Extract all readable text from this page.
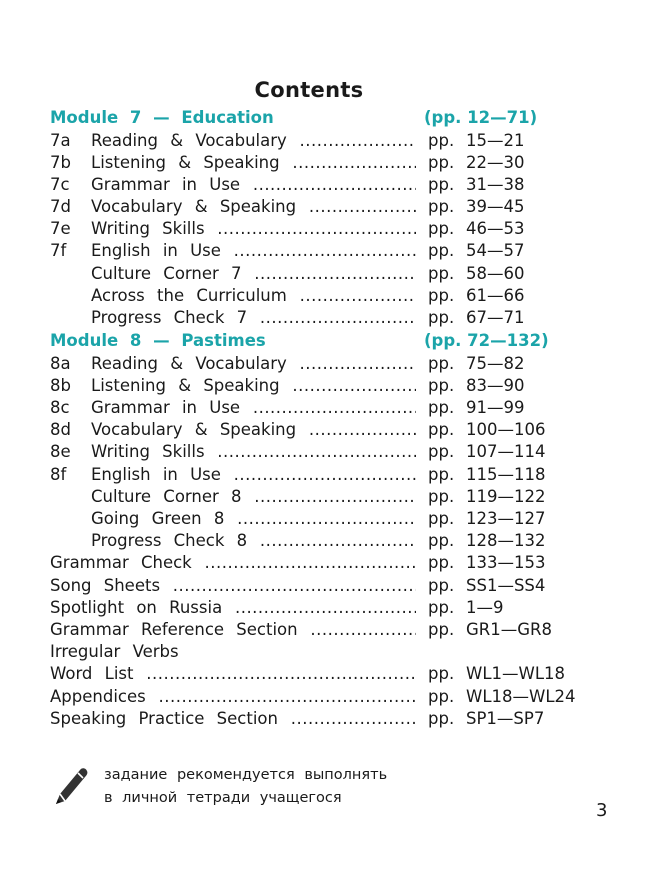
Contents
Module 7 — Education	(pp. 12—71)
7a Reading & Vocabulary .....	pp. 15—21
7b Listening & Speaking .....	pp. 22—30
7c Grammar in Use .....	pp. 31—38
7d Vocabulary & Speaking .....	pp. 39—45
7e Writing Skills .....	pp. 46—53
7f English in Use .....	pp. 54—57
Culture Corner 7 .....	pp. 58—60
Across the Curriculum .....	pp. 61—66
Progress Check 7 .....	pp. 67—71
Module 8 — Pastimes	(pp. 72—132)
8a Reading & Vocabulary .....	pp. 75—82
8b Listening & Speaking .....	pp. 83—90
8c Grammar in Use .....	pp. 91—99
8d Vocabulary & Speaking .....	pp. 100—106
8e Writing Skills .....	pp. 107—114
8f English in Use .....	pp. 115—118
Culture Corner 8 .....	pp. 119—122
Going Green 8 .....	pp. 123—127
Progress Check 8 .....	pp. 128—132
Grammar Check .....	pp. 133—153
Song Sheets .....	pp. SS1—SS4
Spotlight on Russia .....	pp. 1—9
Grammar Reference Section .....	pp. GR1—GR8
Irregular Verbs
Word List .....	pp. WL1—WL18
Appendices .....	pp. WL18—WL24
Speaking Practice Section .....	pp. SP1—SP7
задание рекомендуется выполнять
в личной тетради учащегося
3
